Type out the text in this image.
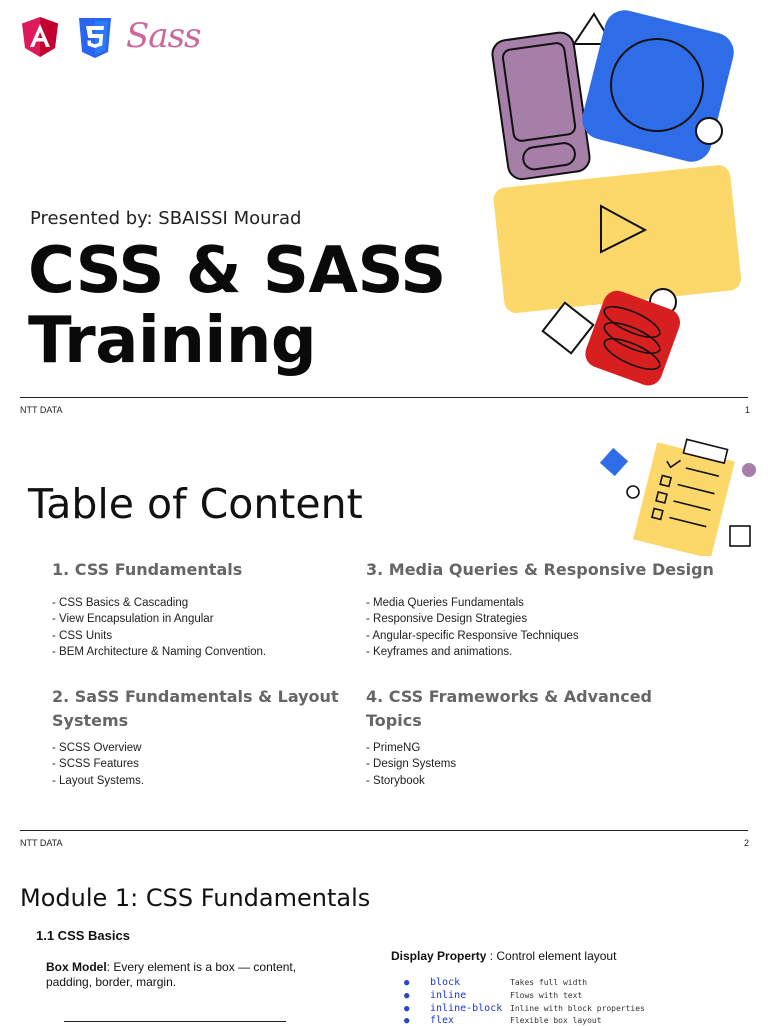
Sass
Presented by: SBAISSI Mourad
CSS & SASS
Training
NTT DATA	1
Table of Content
1. CSS Fundamentals
- CSS Basics & Cascading
- View Encapsulation in Angular
- CSS Units
- BEM Architecture & Naming Convention.
3. Media Queries & Responsive Design
- Media Queries Fundamentals
- Responsive Design Strategies
- Angular-specific Responsive Techniques
- Keyframes and animations.
2. SaSS Fundamentals & Layout
Systems
- SCSS Overview
- SCSS Features
- Layout Systems.
4. CSS Frameworks & Advanced
Topics
- PrimeNG
- Design Systems
- Storybook
NTT DATA	2
Module 1: CSS Fundamentals
1.1 CSS Basics
Box Model: Every element is a box — content, padding, border, margin.
Display Property : Control element layout
● block	Takes full width
● inline	Flows with text
● inline-block Inline with block properties
● flex	Flexible box layout
